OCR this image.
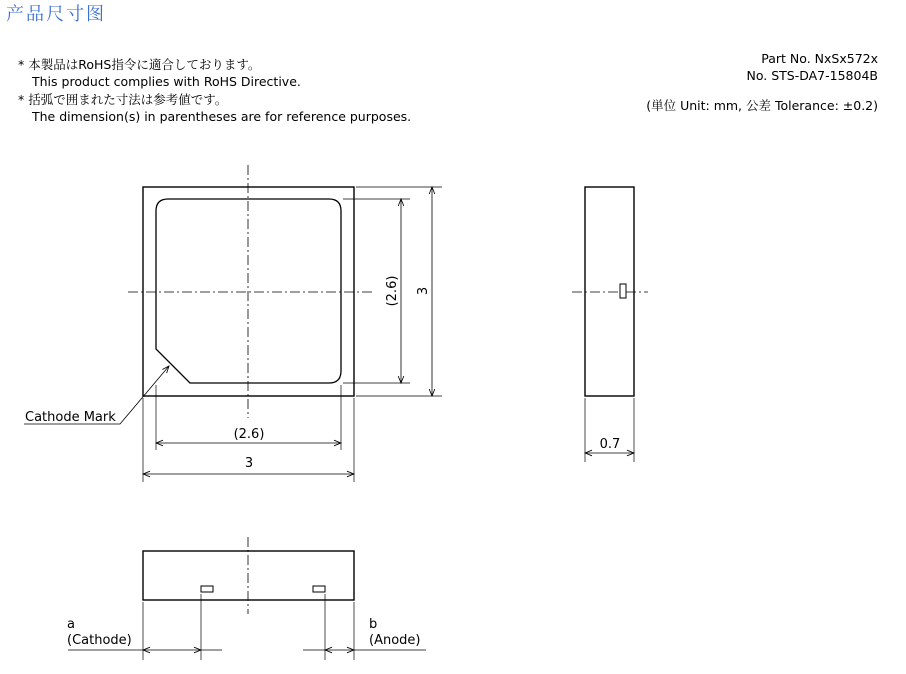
产品尺寸图
* 本製品はRoHS指令に適合しております。
This product complies with RoHS Directive.
* 括弧で囲まれた寸法は参考値です。
The dimension(s) in parentheses are for reference purposes.
Part No. NxSx572x
No. STS-DA7-15804B
(単位 Unit: mm, 公差 Tolerance: ±0.2)
(2.6)
3
(2.6) 3
Cathode Mark
0.7
a
(Cathode)
b
(Anode)
